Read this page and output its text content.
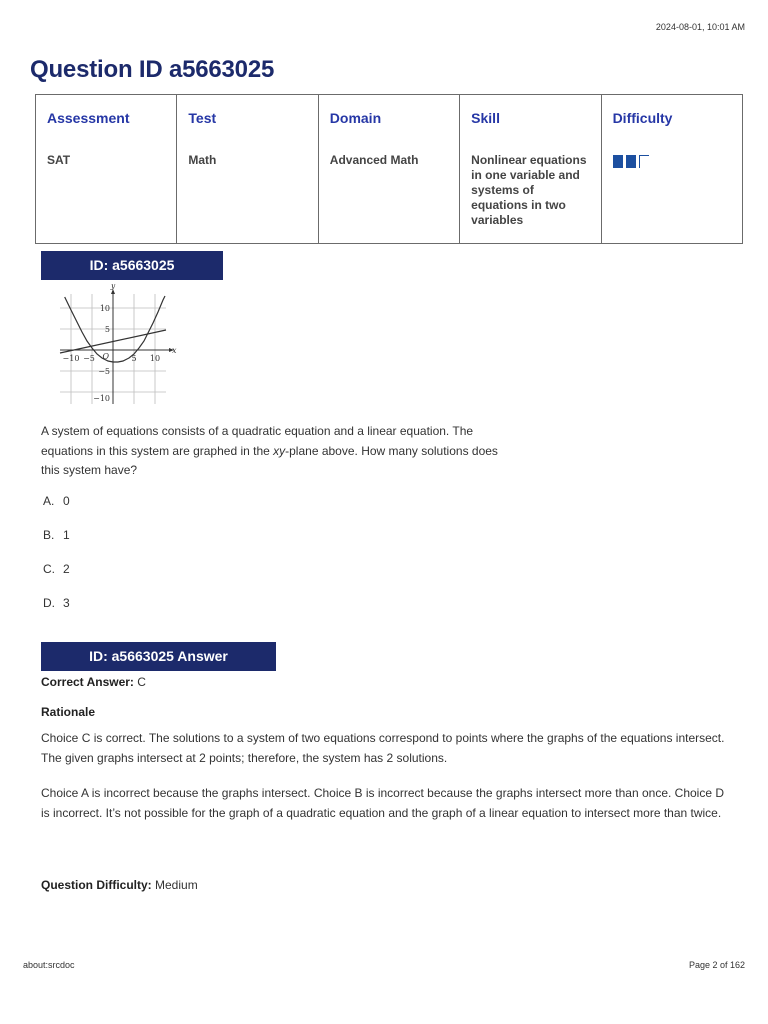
2024-08-01, 10:01 AM
Question ID a5663025
Assessment	Test	Domain	Skill	Difficulty
SAT	Math	Advanced Math	Nonlinear equations in one variable and systems of equations in two variables	
ID: a5663025
y
x
−10 −5	5 10
10
5
−5
−10
O

A system of equations consists of a quadratic equation and a linear equation. The equations in this system are graphed in the xy-plane above. How many solutions does this system have?

A. 0
B. 1
C. 2
D. 3
ID: a5663025 Answer
Correct Answer: C
Rationale

Choice C is correct. The solutions to a system of two equations correspond to points where the graphs of the equations intersect. The given graphs intersect at 2 points; therefore, the system has 2 solutions.

Choice A is incorrect because the graphs intersect. Choice B is incorrect because the graphs intersect more than once. Choice D is incorrect. It’s not possible for the graph of a quadratic equation and the graph of a linear equation to intersect more than twice.

Question Difficulty: Medium
about:srcdoc	Page 2 of 162
